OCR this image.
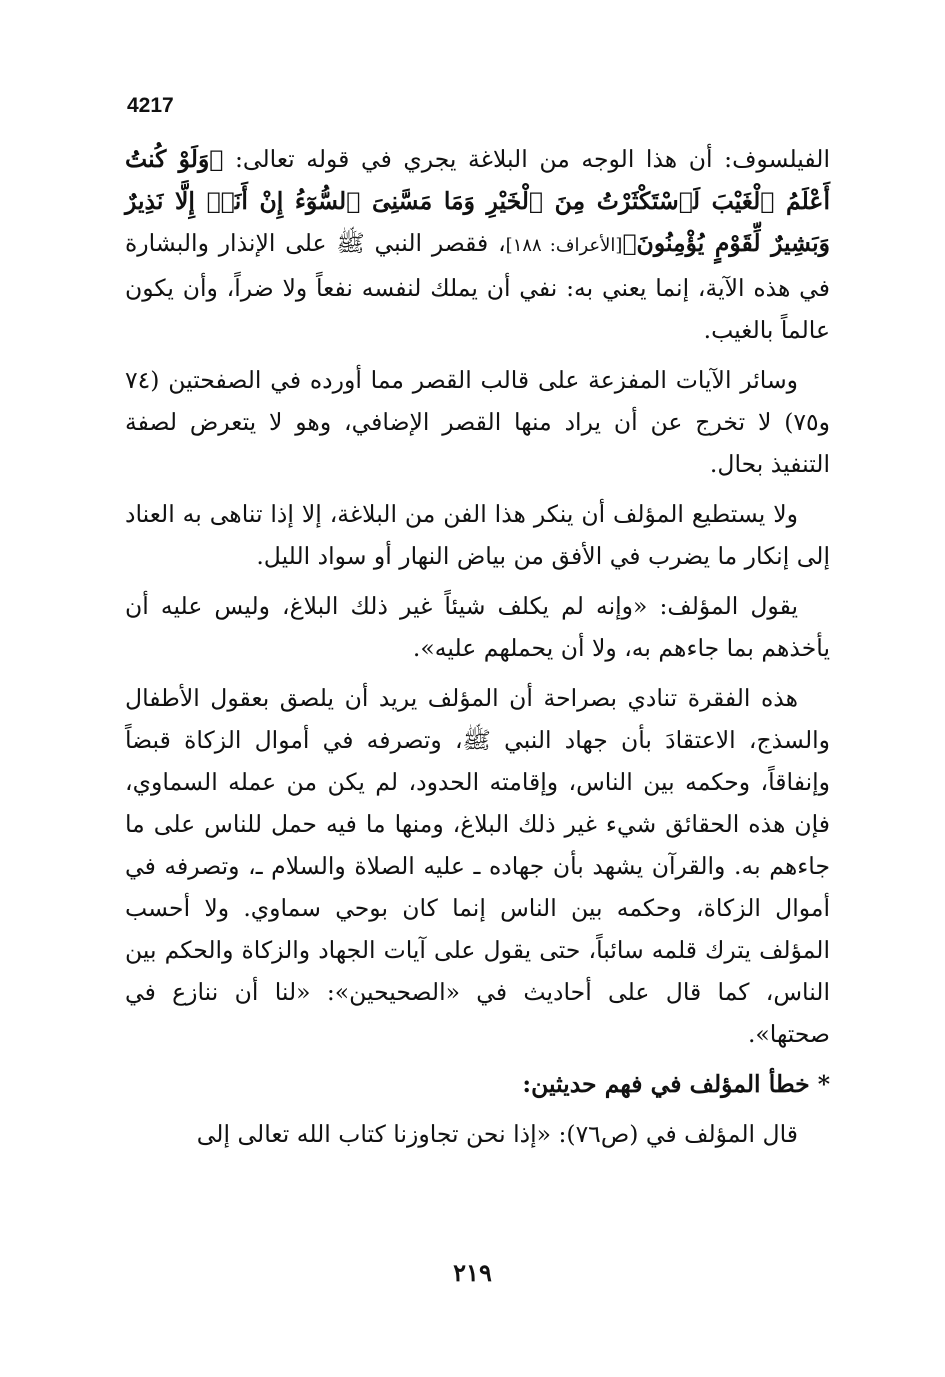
4217

الفيلسوف: أن هذا الوجه من البلاغة يجري في قوله تعالى: ﴿وَلَوْ كُنتُ أَعْلَمُ ٱلْغَيْبَ لَٱسْتَكْثَرْتُ مِنَ ٱلْخَيْرِ وَمَا مَسَّنِىَ ٱلسُّوٓءُ إِنْ أَنَا۠ إِلَّا نَذِيرٌ وَبَشِيرٌ لِّقَوْمٍ يُؤْمِنُونَ﴾[الأعراف: ١٨٨]، فقصر النبي ﷺ على الإنذار والبشارة في هذه الآية، إنما يعني به: نفي أن يملك لنفسه نفعاً ولا ضراً، وأن يكون عالماً بالغيب.

وسائر الآيات المفزعة على قالب القصر مما أورده في الصفحتين (٧٤ و٧٥) لا تخرج عن أن يراد منها القصر الإضافي، وهو لا يتعرض لصفة التنفيذ بحال.

ولا يستطيع المؤلف أن ينكر هذا الفن من البلاغة، إلا إذا تناهى به العناد إلى إنكار ما يضرب في الأفق من بياض النهار أو سواد الليل.

يقول المؤلف: «وإنه لم يكلف شيئاً غير ذلك البلاغ، وليس عليه أن يأخذهم بما جاءهم به، ولا أن يحملهم عليه».

هذه الفقرة تنادي بصراحة أن المؤلف يريد أن يلصق بعقول الأطفال والسذج، الاعتقادَ بأن جهاد النبي ﷺ، وتصرفه في أموال الزكاة قبضاً وإنفاقاً، وحكمه بين الناس، وإقامته الحدود، لم يكن من عمله السماوي، فإن هذه الحقائق شيء غير ذلك البلاغ، ومنها ما فيه حمل للناس على ما جاءهم به. والقرآن يشهد بأن جهاده ـ عليه الصلاة والسلام ـ، وتصرفه في أموال الزكاة، وحكمه بين الناس إنما كان بوحي سماوي. ولا أحسب المؤلف يترك قلمه سائباً، حتى يقول على آيات الجهاد والزكاة والحكم بين الناس، كما قال على أحاديث في «الصحيحين»: «لنا أن ننازع في صحتها».

*خطأ المؤلف في فهم حديثين:

قال المؤلف في (ص٧٦): «إذا نحن تجاوزنا كتاب الله تعالى إلى

٢١٩
